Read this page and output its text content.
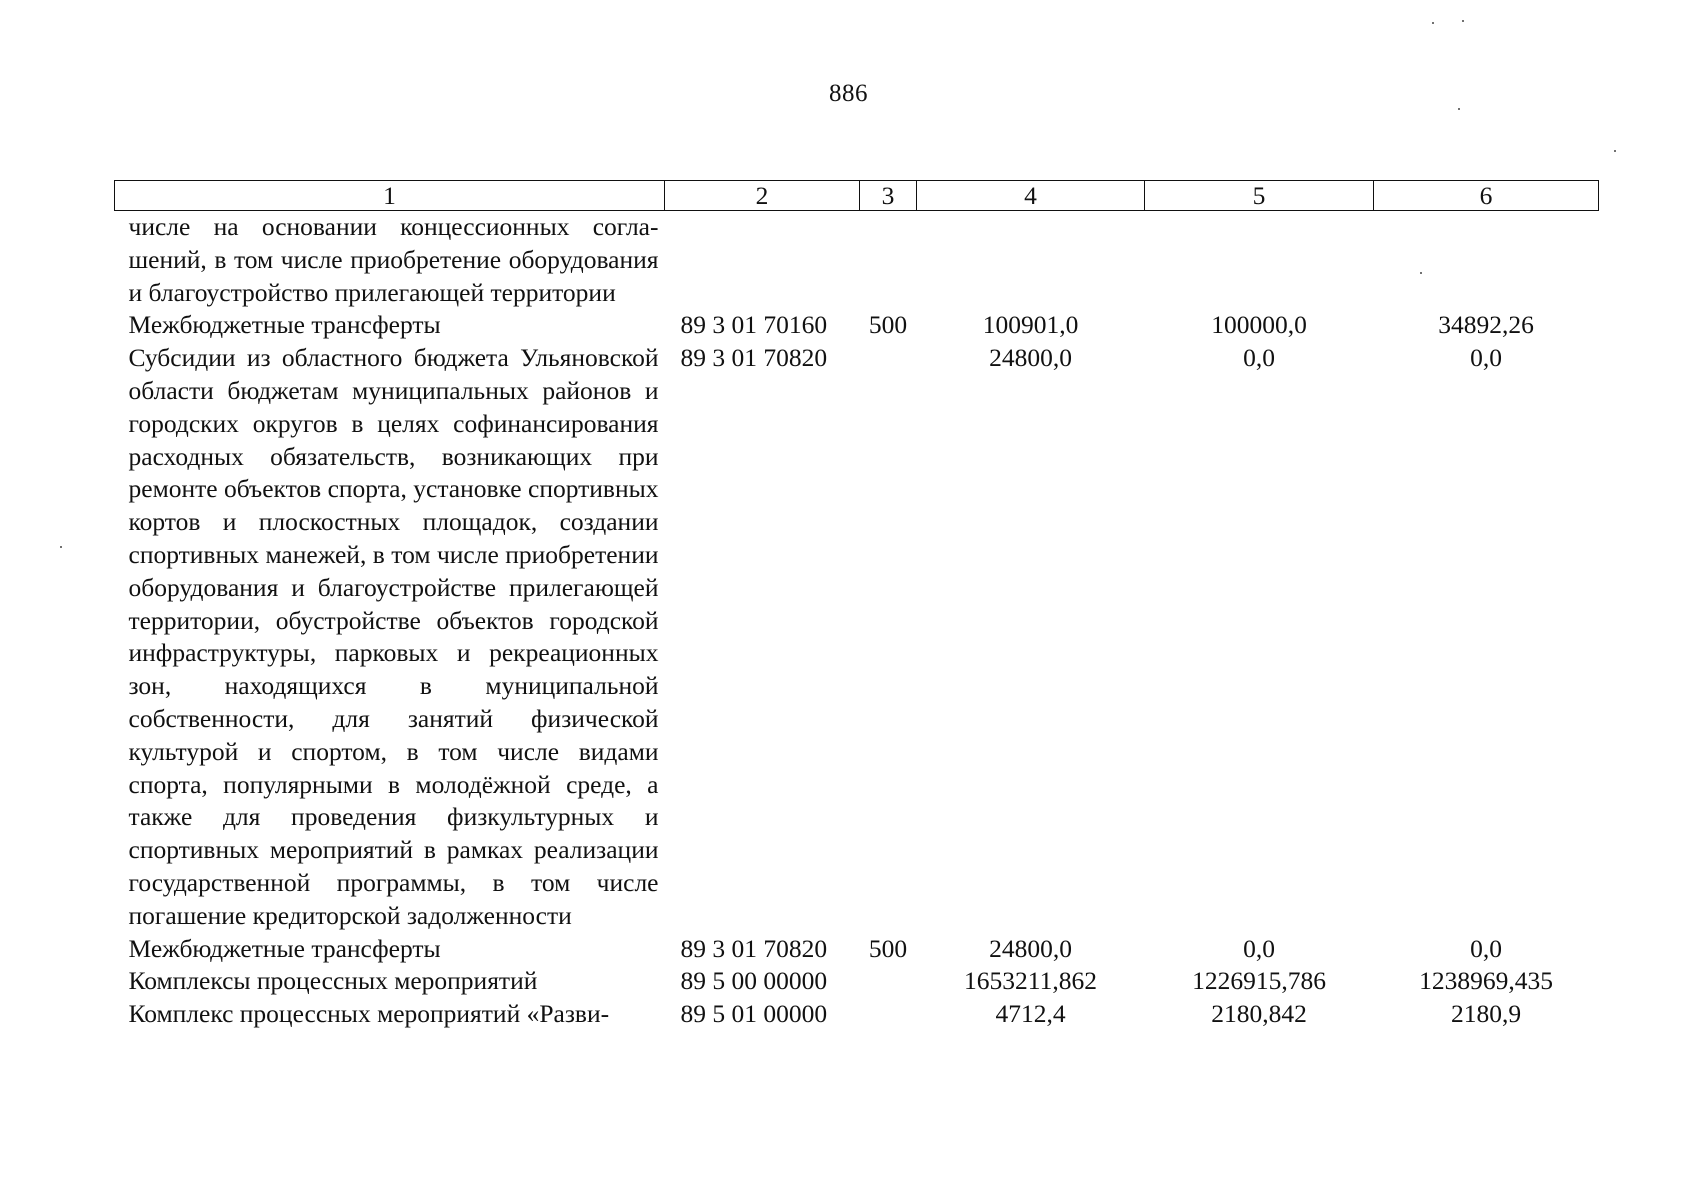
886
1	2	3	4	5	6
числе на основании концессионных соглашений, в том числе приобретение оборудования и благоустройство прилегающей территории					
Межбюджетные трансферты	89 3 01 70160	500	100901,0	100000,0	34892,26
Субсидии из областного бюджета Ульяновской области бюджетам муниципальных районов и городских округов в целях софинансирования расходных обязательств, возникающих при ремонте объектов спорта, установке спортивных кортов и плоскостных площадок, создании спортивных манежей, в том числе приобретении оборудования и благоустройстве прилегающей территории, обустройстве объектов городской инфраструктуры, парковых и рекреационных зон, находящихся в муниципальной собственности, для занятий физической культурой и спортом, в том числе видами спорта, популярными в молодёжной среде, а также для проведения физкультурных и спортивных мероприятий в рамках реализации государственной программы, в том числе погашение кредиторской задолженности	89 3 01 70820		24800,0	0,0	0,0
Межбюджетные трансферты	89 3 01 70820	500	24800,0	0,0	0,0
Комплексы процессных мероприятий	89 5 00 00000		1653211,862	1226915,786	1238969,435
Комплекс процессных мероприятий «Разви-	89 5 01 00000		4712,4	2180,842	2180,9
